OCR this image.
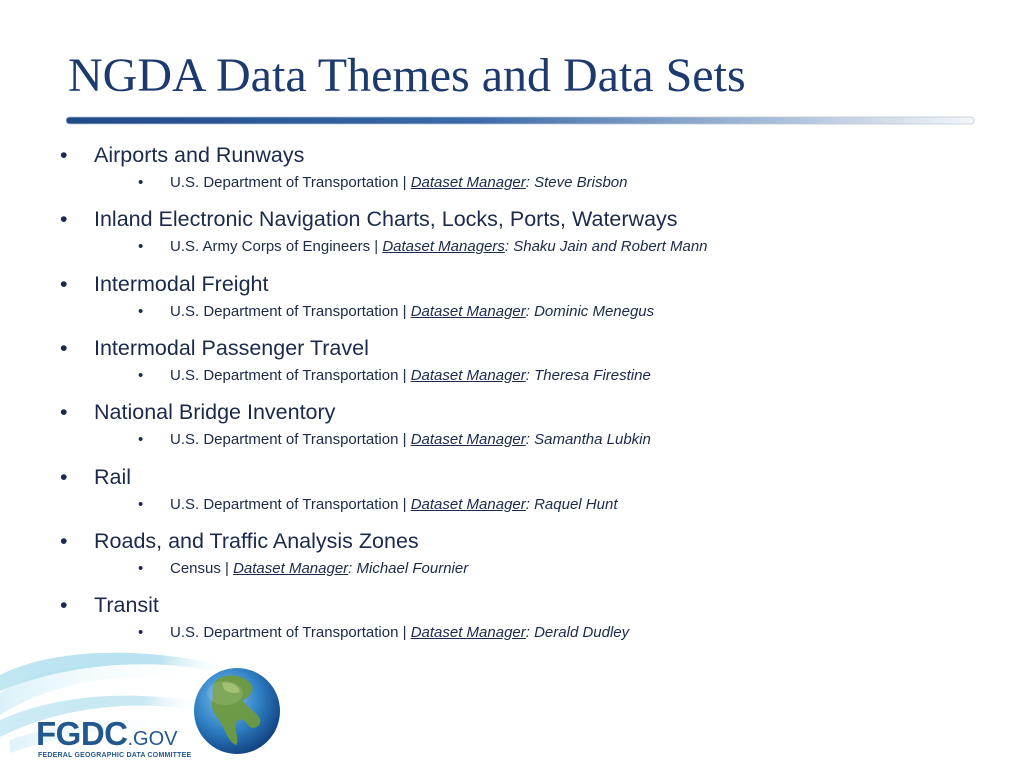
NGDA Data Themes and Data Sets
• Airports and Runways
• U.S. Department of Transportation | Dataset Manager: Steve Brisbon
• Inland Electronic Navigation Charts, Locks, Ports, Waterways
• U.S. Army Corps of Engineers | Dataset Managers: Shaku Jain and Robert Mann
• Intermodal Freight
• U.S. Department of Transportation | Dataset Manager: Dominic Menegus
• Intermodal Passenger Travel
• U.S. Department of Transportation | Dataset Manager: Theresa Firestine
• National Bridge Inventory
• U.S. Department of Transportation | Dataset Manager: Samantha Lubkin
• Rail
• U.S. Department of Transportation | Dataset Manager: Raquel Hunt
• Roads, and Traffic Analysis Zones
• Census | Dataset Manager: Michael Fournier
• Transit
• U.S. Department of Transportation | Dataset Manager: Derald Dudley
FGDC.GOV
FEDERAL GEOGRAPHIC DATA COMMITTEE
